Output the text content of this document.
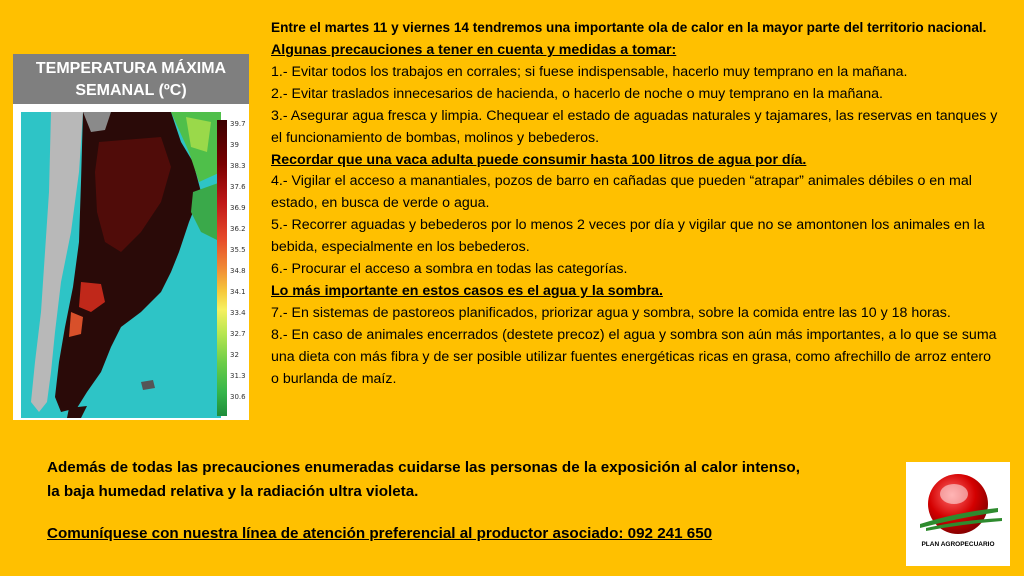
TEMPERATURA MÁXIMA
SEMANAL (ºC)
39.7
39
38.3
37.6
36.9
36.2
35.5
34.8
34.1
33.4
32.7
32
31.3
30.6

Entre el martes 11 y viernes 14 tendremos una importante ola de calor en la mayor parte del territorio nacional.

Algunas precauciones a tener en cuenta y medidas a tomar:

1.- Evitar todos los trabajos en corrales; si fuese indispensable, hacerlo muy temprano en la mañana.

2.- Evitar traslados innecesarios de hacienda, o hacerlo de noche o muy temprano en la mañana.

3.- Asegurar agua fresca y limpia. Chequear el estado de aguadas naturales y tajamares, las reservas en tanques y el funcionamiento de bombas, molinos y bebederos.

Recordar que una vaca adulta puede consumir hasta 100 litros de agua por día.

4.- Vigilar el acceso a manantiales, pozos de barro en cañadas que pueden “atrapar” animales débiles o en mal estado, en busca de verde o agua.

5.- Recorrer aguadas y bebederos por lo menos 2 veces por día y vigilar que no se amontonen los animales en la bebida, especialmente en los bebederos.

6.- Procurar el acceso a sombra en todas las categorías.

Lo más importante en estos casos es el agua y la sombra.

7.- En sistemas de pastoreos planificados, priorizar agua y sombra, sobre la comida entre las 10 y 18 horas.

8.- En caso de animales encerrados (destete precoz) el agua y sombra son aún más importantes, a lo que se suma una dieta con más fibra y de ser posible utilizar fuentes energéticas ricas en grasa, como afrechillo de arroz entero o burlanda de maíz.

Además de todas las precauciones enumeradas cuidarse las personas de la exposición al calor intenso,

la baja humedad relativa y la radiación ultra violeta.

Comuníquese con nuestra línea de atención preferencial al productor asociado: 092 241 650
PLAN AGROPECUARIO
